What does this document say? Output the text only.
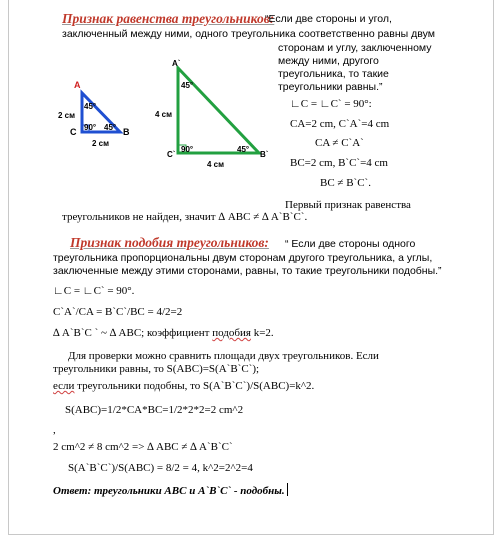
Признак равенства треугольников:
“Если две стороны и угол,
заключенный между ними, одного треугольника соответственно равны двум
сторонам и углу, заключенному
между ними, другого
треугольника, то такие
треугольники равны.”
A
C	B
45°
90° 45°
2 см
2 см
A`
C`	B`
45°
90°	45°
4 см
4 см
∟C = ∟C` = 90°:
CA=2 cm, C`A`=4 cm
CA ≠ C`A`
BC=2 cm, B`C`=4 cm
BC ≠ B`C`.
Первый признак равенства
треугольников не найден, значит ∆ ABC ≠ ∆ A`B`C`.
Признак подобия треугольников: “ Если две стороны одного
треугольника пропорциональны двум сторонам другого треугольника, а углы,
заключенные между этими сторонами, равны, то такие треугольники подобны.”
∟C = ∟C` = 90°.
C`A`/CA = B`C`/BC = 4/2=2
∆ A`B`C ` ~ ∆ ABC; коэффициент подобия k=2.
Для проверки можно сравнить площади двух треугольников. Если
треугольники равны, то S(ABC)=S(A`B`C`);
если треугольники подобны, то S(A`B`C`)/S(ABC)=k^2.
S(ABC)=1/2*CA*BC=1/2*2*2=2 cm^2
,
2 cm^2 ≠ 8 cm^2 => ∆ ABC ≠ ∆ A`B`C`
S(A`B`C`)/S(ABC) = 8/2 = 4, k^2=2^2=4
Ответ: треугольники ABC и A`B`C` - подобны.
